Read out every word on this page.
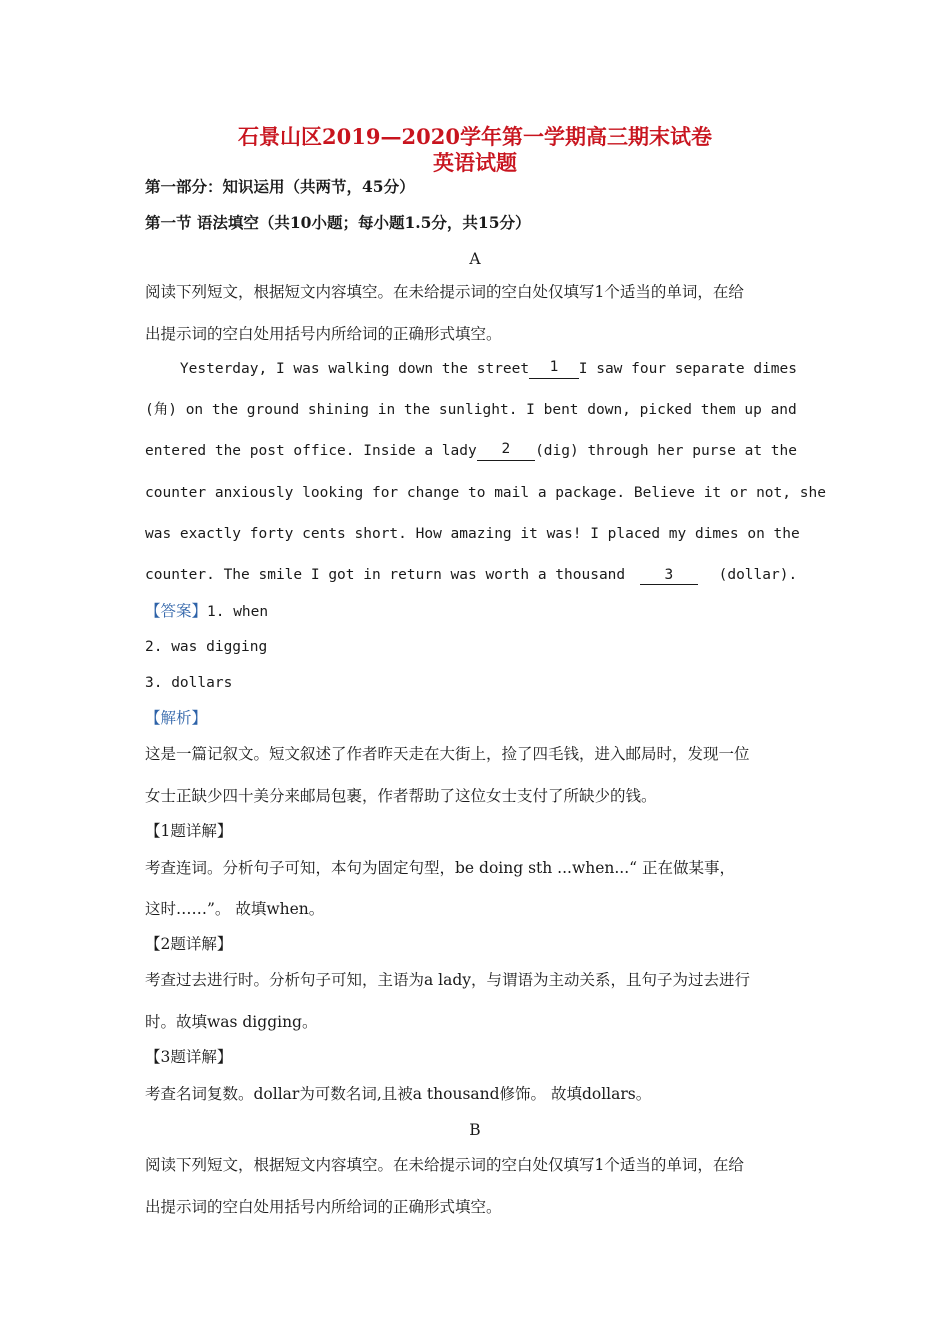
石景山区2019—2020学年第一学期高三期末试卷
英语试题
第一部分：知识运用（共两节，45分）
第一节 语法填空（共10小题；每小题1.5分，共15分）
A
阅读下列短文，根据短文内容填空。在未给提示词的空白处仅填写1个适当的单词，在给
出提示词的空白处用括号内所给词的正确形式填空。
Yesterday, I was walking down the street	1	I saw four separate dimes
(角) on the ground shining in the sunlight. I bent down, picked them up and
entered the post office. Inside a lady	2	(dig) through her purse at the
counter anxiously looking for change to mail a package. Believe it or not, she
was exactly forty cents short. How amazing it was! I placed my dimes on the
counter. The smile I got in return was worth a thousand	3	(dollar).
【答案】1. when
2. was digging
3. dollars
【解析】
这是一篇记叙文。短文叙述了作者昨天走在大街上，捡了四毛钱，进入邮局时，发现一位
女士正缺少四十美分来邮局包裹，作者帮助了这位女士支付了所缺少的钱。
【1题详解】
考查连词。分析句子可知，本句为固定句型，be doing sth ...when...“ 正在做某事，
这时……”。 故填when。
【2题详解】
考查过去进行时。分析句子可知，主语为a lady，与谓语为主动关系，且句子为过去进行
时。故填was digging。
【3题详解】
考查名词复数。dollar为可数名词,且被a thousand修饰。 故填dollars。
B
阅读下列短文，根据短文内容填空。在未给提示词的空白处仅填写1个适当的单词，在给
出提示词的空白处用括号内所给词的正确形式填空。
